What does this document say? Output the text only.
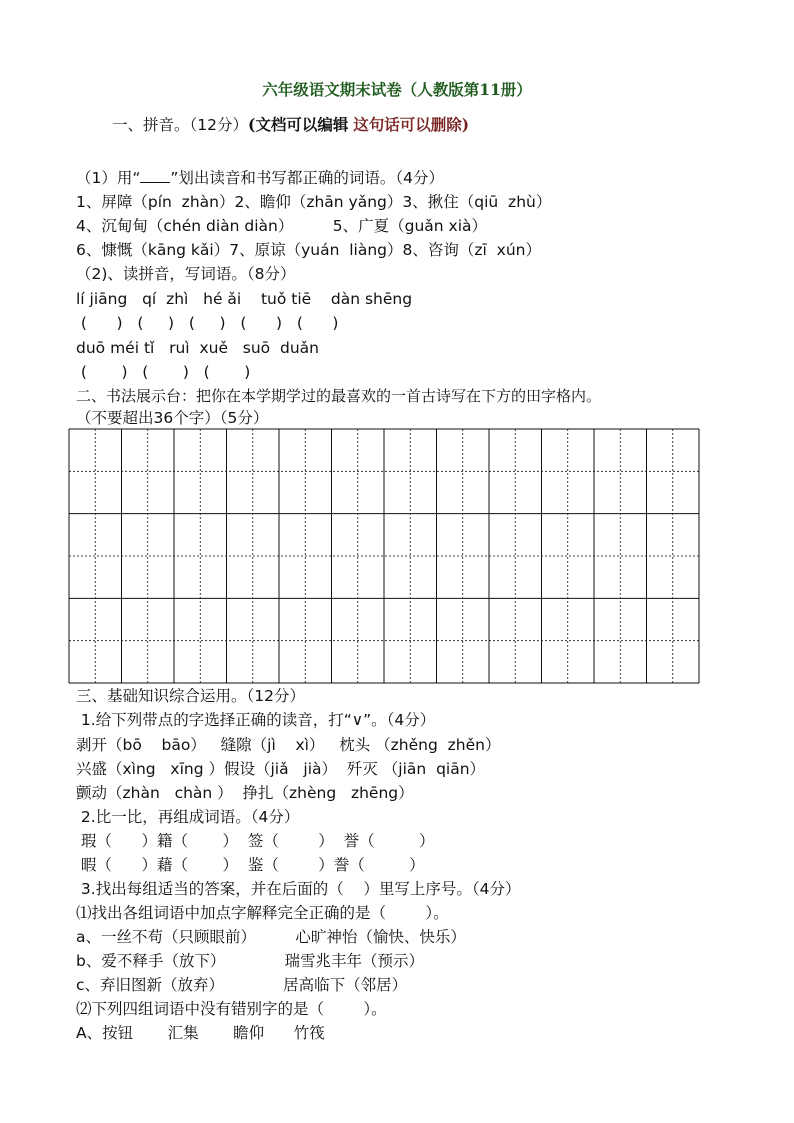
六年级语文期末试卷（人教版第11册）
一、拼音。（12分）(文档可以编辑 这句话可以删除)
（1）用“ ”划出读音和书写都正确的词语。（4分）
1、屏障（pín  zhàn）2、瞻仰（zhān yǎng）3、揪住（qiū  zhù）
4、沉甸甸（chén diàn diàn）        5、广夏（guǎn xià）
6、慷慨（kāng kǎi）7、原谅（yuán  liàng）8、咨询（zī  xún）
（2)、读拼音，写词语。（8分）
lí jiāng   qí  zhì   hé ǎi    tuǒ tiē    dàn shēng
(      )   (     )   (     )   (      )   (      )
duō méi tǐ   ruì  xuě   suō  duǎn
(       )   (       )   (       )
二、书法展示台：把你在本学期学过的最喜欢的一首古诗写在下方的田字格内。
（不要超出36个字）（5分）
三、基础知识综合运用。（12分）
1.给下列带点的字选择正确的读音，打“∨”。（4分）
剥开（bō    bāo）   缝隙（jì    xì）   枕头 （zhěng  zhěn）
兴盛（xìng   xīng ）假设（jiǎ   jià）  歼灭 （jiān  qiān）
颤动（zhàn   chàn ）  挣扎（zhèng   zhēng）
2.比一比，再组成词语。（4分）
瑕（      ）籍（       ）  签（        ）  誉（         ）
暇（      ）藉（       ）  鉴（        ）誊（         ）
3.找出每组适当的答案，并在后面的（    ）里写上序号。（4分）
⑴找出各组词语中加点字解释完全正确的是（        ）。
a、一丝不苟（只顾眼前）        心旷神怡（愉快、快乐）
b、爱不释手（放下）            瑞雪兆丰年（预示）
c、弃旧图新（放弃）            居高临下（邻居）
⑵下列四组词语中没有错别字的是（        ）。
A、按钮       汇集       瞻仰      竹筏
